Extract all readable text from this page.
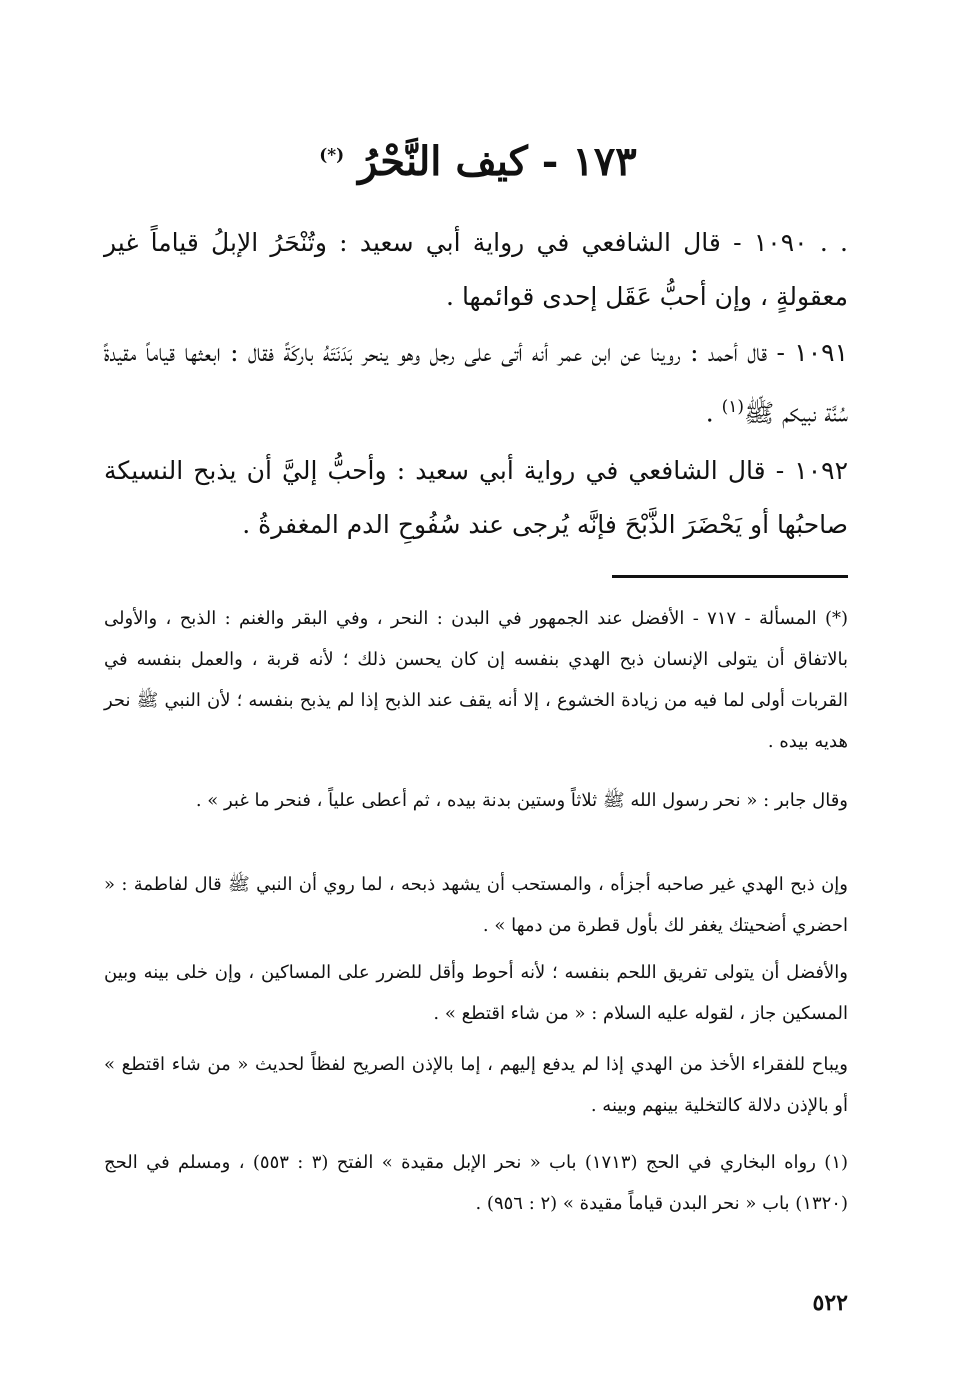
١٧٣ - كيف النَّحْرُ (*)
. . ١٠٩٠ - قال الشافعي في رواية أبي سعيد : وتُنْحَرُ الإبلُ قياماً غير معقولةٍ ، وإن أحبُّ عَقَل إحدى قوائمها .
١٠٩١ - قال أحمد : روينا عن ابن عمر أنه أتى على رجل وهو ينحر بَدَنَتَهُ باركَةً فقال : ابعثها قياماً مقيدةً سُنَّة نبيكم ﷺ$^{(١)}$ .
١٠٩٢ - قال الشافعي في رواية أبي سعيد : وأحبُّ إليَّ أن يذبح النسيكة صاحبُها أو يَحْضَرَ الذَّبْحَ فإنَّه يُرجى عند سُفُوحِ الدم المغفرةُ .
(*) المسألة - ٧١٧ - الأفضل عند الجمهور في البدن : النحر ، وفي البقر والغنم : الذبح ، والأولى بالاتفاق أن يتولى الإنسان ذبح الهدي بنفسه إن كان يحسن ذلك ؛ لأنه قربة ، والعمل بنفسه في القربات أولى لما فيه من زيادة الخشوع ، إلا أنه يقف عند الذبح إذا لم يذبح بنفسه ؛ لأن النبي ﷺ نحر هديه بيده .
وقال جابر : « نحر رسول الله ﷺ ثلاثاً وستين بدنة بيده ، ثم أعطى علياً ، فنحر ما غبر » .
وإن ذبح الهدي غير صاحبه أجزأه ، والمستحب أن يشهد ذبحه ، لما روي أن النبي ﷺ قال لفاطمة : « احضري أضحيتك يغفر لك بأول قطرة من دمها » .
والأفضل أن يتولى تفريق اللحم بنفسه ؛ لأنه أحوط وأقل للضرر على المساكين ، وإن خلى بينه وبين المسكين جاز ، لقوله عليه السلام : « من شاء اقتطع » .
ويباح للفقراء الأخذ من الهدي إذا لم يدفع إليهم ، إما بالإذن الصريح لفظاً لحديث « من شاء اقتطع » أو بالإذن دلالة كالتخلية بينهم وبينه .
(١) رواه البخاري في الحج (١٧١٣) باب « نحر الإبل مقيدة » الفتح (٣ : ٥٥٣) ، ومسلم في الحج (١٣٢٠) باب « نحر البدن قياماً مقيدة » (٢ : ٩٥٦) .
٥٢٢
